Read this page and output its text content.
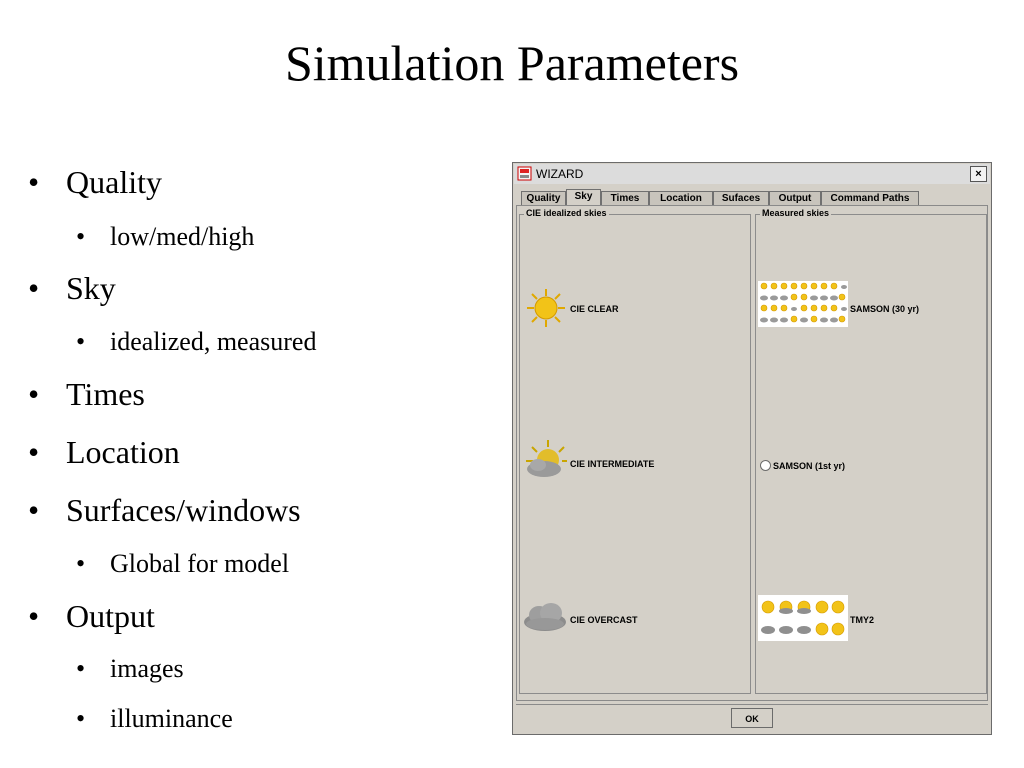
Simulation Parameters
• Quality
• low/med/high
• Sky
• idealized, measured
• Times
• Location
• Surfaces/windows
• Global for model
• Output
• images
• illuminance
WIZARD	×
Quality	Sky	Times	Location	Sufaces	Output	Command Paths
CIE idealized skies
CIE CLEAR
CIE INTERMEDIATE
CIE OVERCAST
Measured skies
SAMSON (30 yr)
SAMSON (1st yr)
TMY2
OK
